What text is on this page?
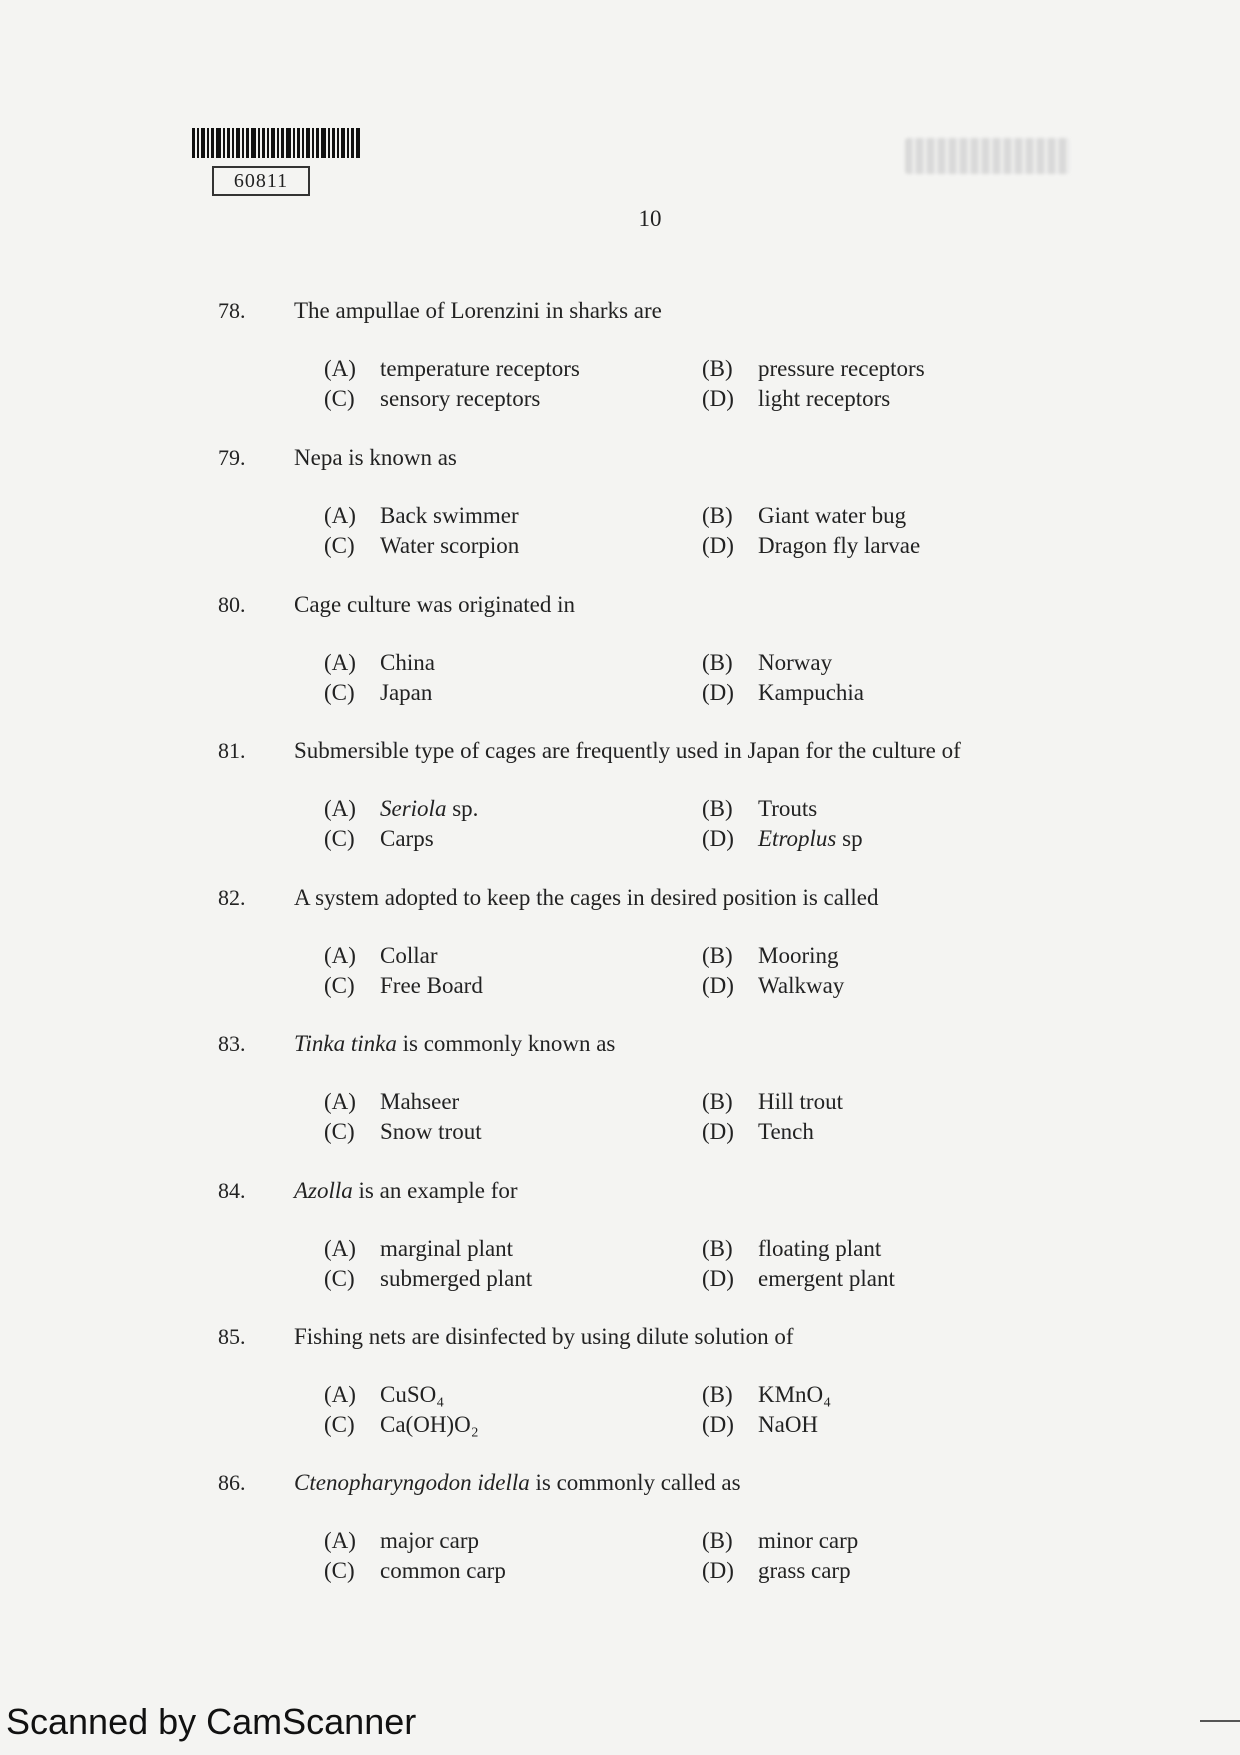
60811
10
78. The ampullae of Lorenzini in sharks are
(A) temperature receptors	(B) pressure receptors
(C) sensory receptors	(D) light receptors
79. Nepa is known as
(A) Back swimmer	(B) Giant water bug
(C) Water scorpion	(D) Dragon fly larvae
80. Cage culture was originated in
(A) China	(B) Norway
(C) Japan	(D) Kampuchia
81. Submersible type of cages are frequently used in Japan for the culture of
(A) Seriola sp.	(B) Trouts
(C) Carps	(D) Etroplus sp
82. A system adopted to keep the cages in desired position is called
(A) Collar	(B) Mooring
(C) Free Board	(D) Walkway
83. Tinka tinka is commonly known as
(A) Mahseer	(B) Hill trout
(C) Snow trout	(D) Tench
84. Azolla is an example for
(A) marginal plant	(B) floating plant
(C) submerged plant	(D) emergent plant
85. Fishing nets are disinfected by using dilute solution of
(A) CuSO₄	(B) KMnO₄
(C) Ca(OH)O₂	(D) NaOH
86. Ctenopharyngodon idella is commonly called as
(A) major carp	(B) minor carp
(C) common carp	(D) grass carp
Scanned by CamScanner
